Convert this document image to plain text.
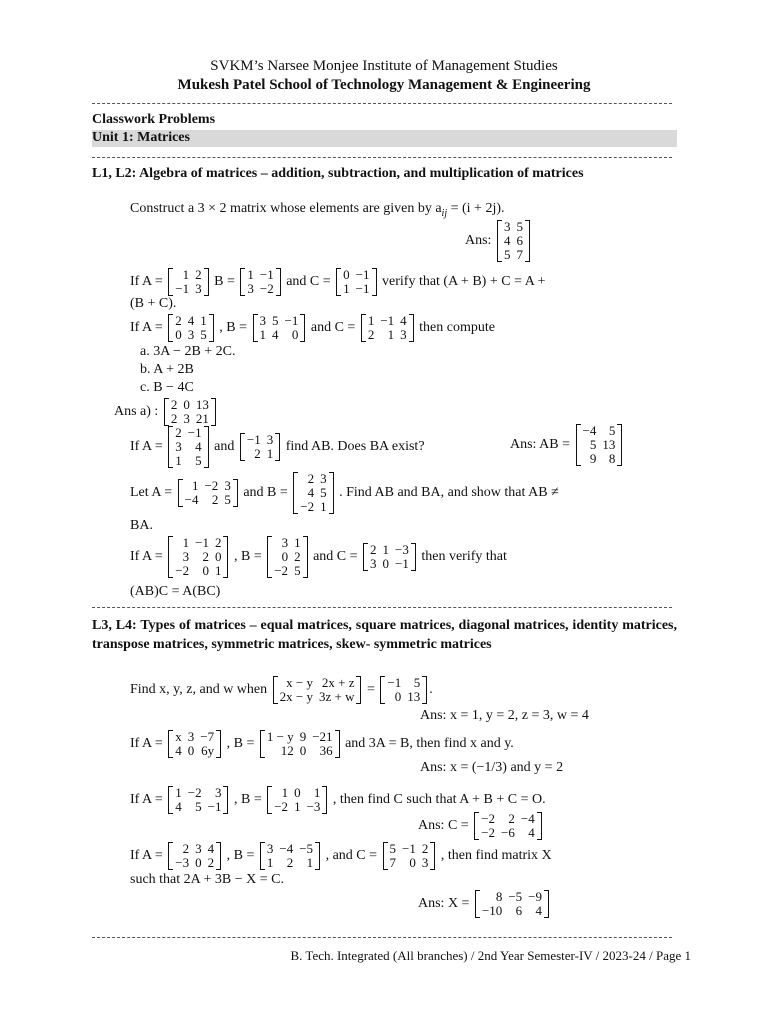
SVKM’s Narsee Monjee Institute of Management Studies
Mukesh Patel School of Technology Management & Engineering
Classwork Problems
Unit 1: Matrices
L1, L2: Algebra of matrices – addition, subtraction, and multiplication of matrices
Construct a 3 × 2 matrix whose elements are given by $a_{ij} = (i + 2j)$.
Ans:
3	5
4	6
5	7
If A = 1	2
−1	3 B = 1	−1
3	−2 and C = 0	−1
1	−1 verify that (A + B) + C = A +
(B + C).
If A = 2	4	1
0	3	5 , B = 3	5	−1
1	4	0 and C = 1	−1	4
2	1	3 then compute
a. 3A − 2B + 2C.
b. A + 2B
c. B − 4C
Ans a) : 2	0	13
2	3	21
If A =
2	−1
3	4
1	5
and −1	3
2	1 find AB. Does BA exist?	Ans: AB =
−4	5
5	13
9	8
Let A = 1	−2	3
−4	2	5 and B =
2	3
4	5
−2	1
. Find AB and BA, and show that AB ≠
BA.
If A =
1	−1	2
3	2	0
−2	0	1
, B =
3	1
0	2
−2	5
and C = 2	1	−3
3	0	−1 then verify that
(AB)C = A(BC)
L3, L4: Types of matrices – equal matrices, square matrices, diagonal matrices, identity matrices, transpose matrices, symmetric matrices, skew- symmetric matrices
Find x, y, z, and w when x − y	2x + z
2x − y	3z + w = −1	5
0	13 .
Ans: x = 1, y = 2, z = 3, w = 4
If A = x	3	−7
4	0	6y , B = 1 − y	9	−21
12	0	36 and 3A = B, then find x and y.
Ans: x = (−1/3) and y = 2
If A = 1	−2	3
4	5	−1 , B = 1	0	1
−2	1	−3 , then find C such that A + B + C = O.
Ans: C = −2	2	−4
−2	−6	4
If A = 2	3	4
−3	0	2 , B = 3	−4	−5
1	2	1 , and C = 5	−1	2
7	0	3 , then find matrix X
such that 2A + 3B − X = C.
Ans: X = 8	−5	−9
−10	6	4
B. Tech. Integrated (All branches) / 2nd Year Semester-IV / 2023-24 / Page 1
